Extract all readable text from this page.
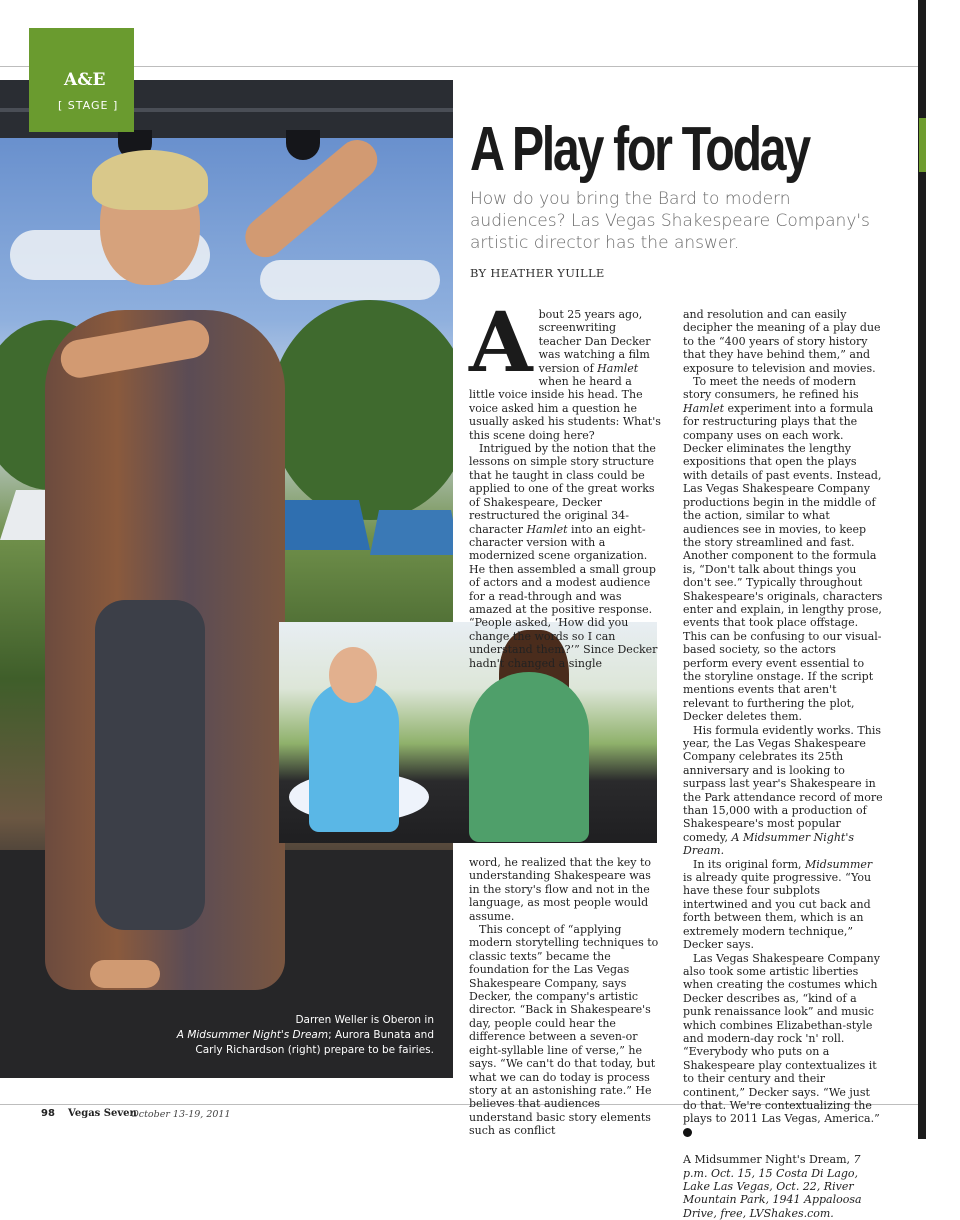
A&E
[ STAGE ]
A Play for Today
How do you bring the Bard to modern audiences? Las Vegas Shakespeare Company's artistic director has the answer.
BY HEATHER YUILLE

About 25 years ago, screenwriting teacher Dan Decker was watching a film version of Hamlet when he heard a little voice inside his head. The voice asked him a question he usually asked his students: What's this scene doing here?

Intrigued by the notion that the lessons on simple story structure that he taught in class could be applied to one of the great works of Shakespeare, Decker restructured the original 34-character Hamlet into an eight-character version with a modernized scene organization. He then assembled a small group of actors and a modest audience for a read-through and was amazed at the positive response. “People asked, ‘How did you change the words so I can understand them?’” Since Decker hadn't changed a single

word, he realized that the key to understanding Shakespeare was in the story's flow and not in the language, as most people would assume.

This concept of “applying modern storytelling techniques to classic texts” became the foundation for the Las Vegas Shakespeare Company, says Decker, the company's artistic director. “Back in Shakespeare's day, people could hear the difference between a seven-or eight-syllable line of verse,” he says. “We can't do that today, but what we can do today is process story at an astonishing rate.” He believes that audiences understand basic story elements such as conflict

and resolution and can easily decipher the meaning of a play due to the “400 years of story history that they have behind them,” and exposure to television and movies.

To meet the needs of modern story consumers, he refined his Hamlet experiment into a formula for restructuring plays that the company uses on each work. Decker eliminates the lengthy expositions that open the plays with details of past events. Instead, Las Vegas Shakespeare Company productions begin in the middle of the action, similar to what audiences see in movies, to keep the story streamlined and fast. Another component to the formula is, “Don't talk about things you don't see.” Typically throughout Shakespeare's originals, characters enter and explain, in lengthy prose, events that took place offstage. This can be confusing to our visual-based society, so the actors perform every event essential to the storyline onstage. If the script mentions events that aren't relevant to furthering the plot, Decker deletes them.

His formula evidently works. This year, the Las Vegas Shakespeare Company celebrates its 25th anniversary and is looking to surpass last year's Shakespeare in the Park attendance record of more than 15,000 with a production of Shakespeare's most popular comedy, A Midsummer Night's Dream.

In its original form, Midsummer is already quite progressive. “You have these four subplots intertwined and you cut back and forth between them, which is an extremely modern technique,” Decker says.

Las Vegas Shakespeare Company also took some artistic liberties when creating the costumes which Decker describes as, “kind of a punk renaissance look” and music which combines Elizabethan-style and modern-day rock 'n' roll. “Everybody who puts on a Shakespeare play contextualizes it to their century and their continent,” Decker says. “We just do that. We're contextualizing the plays to 2011 Las Vegas, America.”

A Midsummer Night's Dream, 7 p.m. Oct. 15, 15 Costa Di Lago, Lake Las Vegas, Oct. 22, River Mountain Park, 1941 Appaloosa Drive, free, LVShakes.com.

Darren Weller is Oberon in
A Midsummer Night's Dream; Aurora Bunata and Carly Richardson (right) prepare to be fairies.
98 Vegas Seven
October 13-19, 2011
